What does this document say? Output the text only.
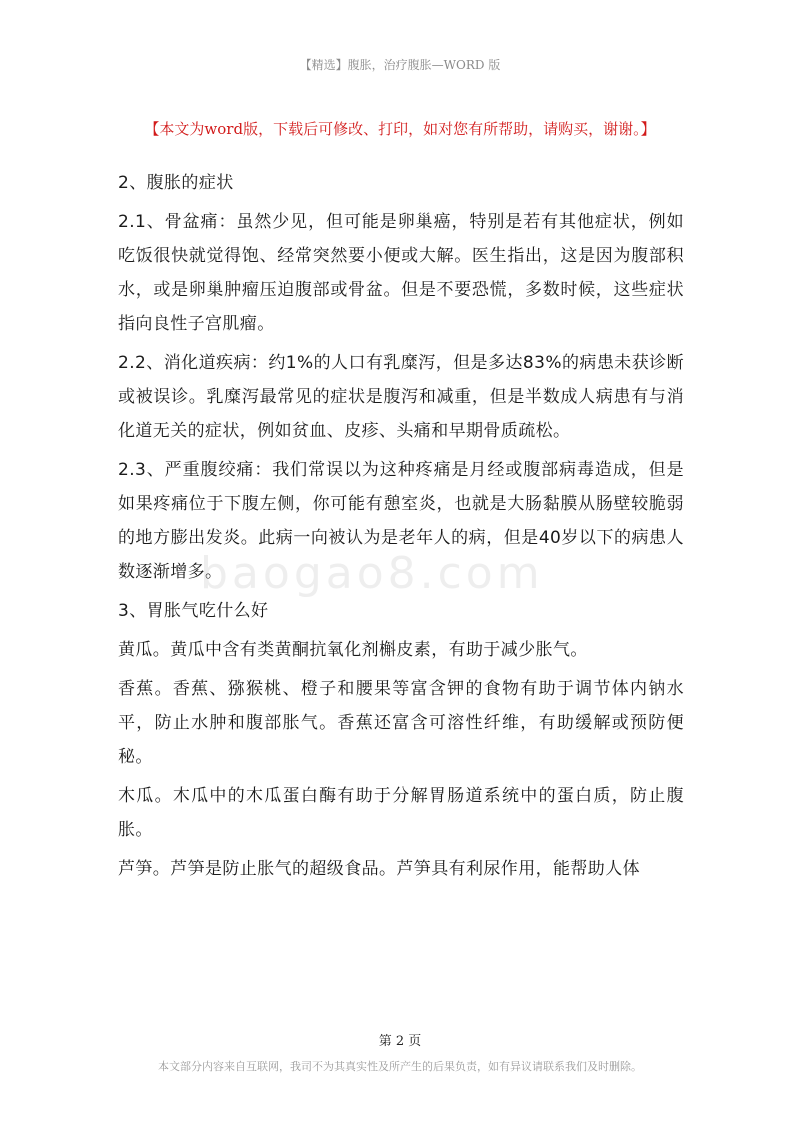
【精选】腹胀，治疗腹胀—WORD 版
【本文为word版，下载后可修改、打印，如对您有所帮助，请购买，谢谢。】

2、腹胀的症状

2.1、骨盆痛：虽然少见，但可能是卵巢癌，特别是若有其他症状，例如吃饭很快就觉得饱、经常突然要小便或大解。医生指出，这是因为腹部积水，或是卵巢肿瘤压迫腹部或骨盆。但是不要恐慌，多数时候，这些症状指向良性子宫肌瘤。

2.2、消化道疾病：约1%的人口有乳糜泻，但是多达83%的病患未获诊断或被误诊。乳糜泻最常见的症状是腹泻和减重，但是半数成人病患有与消化道无关的症状，例如贫血、皮疹、头痛和早期骨质疏松。

2.3、严重腹绞痛：我们常误以为这种疼痛是月经或腹部病毒造成，但是如果疼痛位于下腹左侧，你可能有憩室炎，也就是大肠黏膜从肠壁较脆弱的地方膨出发炎。此病一向被认为是老年人的病，但是40岁以下的病患人数逐渐增多。

3、胃胀气吃什么好

黄瓜。黄瓜中含有类黄酮抗氧化剂槲皮素，有助于减少胀气。

香蕉。香蕉、猕猴桃、橙子和腰果等富含钾的食物有助于调节体内钠水平，防止水肿和腹部胀气。香蕉还富含可溶性纤维，有助缓解或预防便秘。

木瓜。木瓜中的木瓜蛋白酶有助于分解胃肠道系统中的蛋白质，防止腹胀。

芦笋。芦笋是防止胀气的超级食品。芦笋具有利尿作用，能帮助人体

baogao8.com
第 2 页
本文部分内容来自互联网，我司不为其真实性及所产生的后果负责，如有异议请联系我们及时删除。
